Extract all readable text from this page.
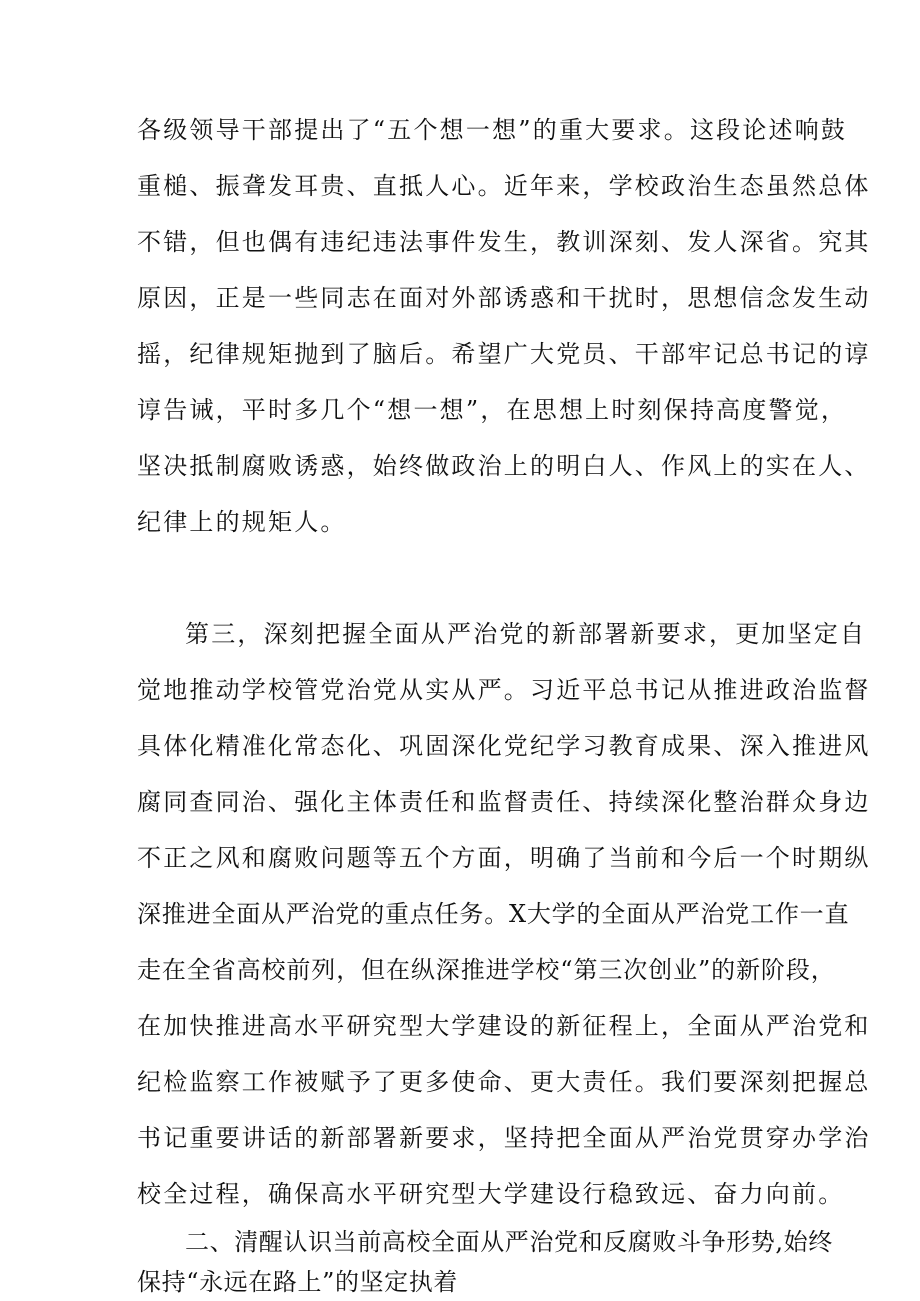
各级领导干部提出了“五个想一想”的重大要求。这段论述响鼓
重槌、振聋发耳贵、直抵人心。近年来，学校政治生态虽然总体
不错，但也偶有违纪违法事件发生，教训深刻、发人深省。究其
原因，正是一些同志在面对外部诱惑和干扰时，思想信念发生动
摇，纪律规矩抛到了脑后。希望广大党员、干部牢记总书记的谆
谆告诫，平时多几个“想一想”，在思想上时刻保持高度警觉，
坚决抵制腐败诱惑，始终做政治上的明白人、作风上的实在人、
纪律上的规矩人。
第三，深刻把握全面从严治党的新部署新要求，更加坚定自
觉地推动学校管党治党从实从严。习近平总书记从推进政治监督
具体化精准化常态化、巩固深化党纪学习教育成果、深入推进风
腐同查同治、强化主体责任和监督责任、持续深化整治群众身边
不正之风和腐败问题等五个方面，明确了当前和今后一个时期纵
深推进全面从严治党的重点任务。X大学的全面从严治党工作一直
走在全省高校前列，但在纵深推进学校“第三次创业”的新阶段，
在加快推进高水平研究型大学建设的新征程上，全面从严治党和
纪检监察工作被赋予了更多使命、更大责任。我们要深刻把握总
书记重要讲话的新部署新要求，坚持把全面从严治党贯穿办学治
校全过程，确保高水平研究型大学建设行稳致远、奋力向前。
二、清醒认识当前高校全面从严治党和反腐败斗争形势,始终
保持“永远在路上”的坚定执着
